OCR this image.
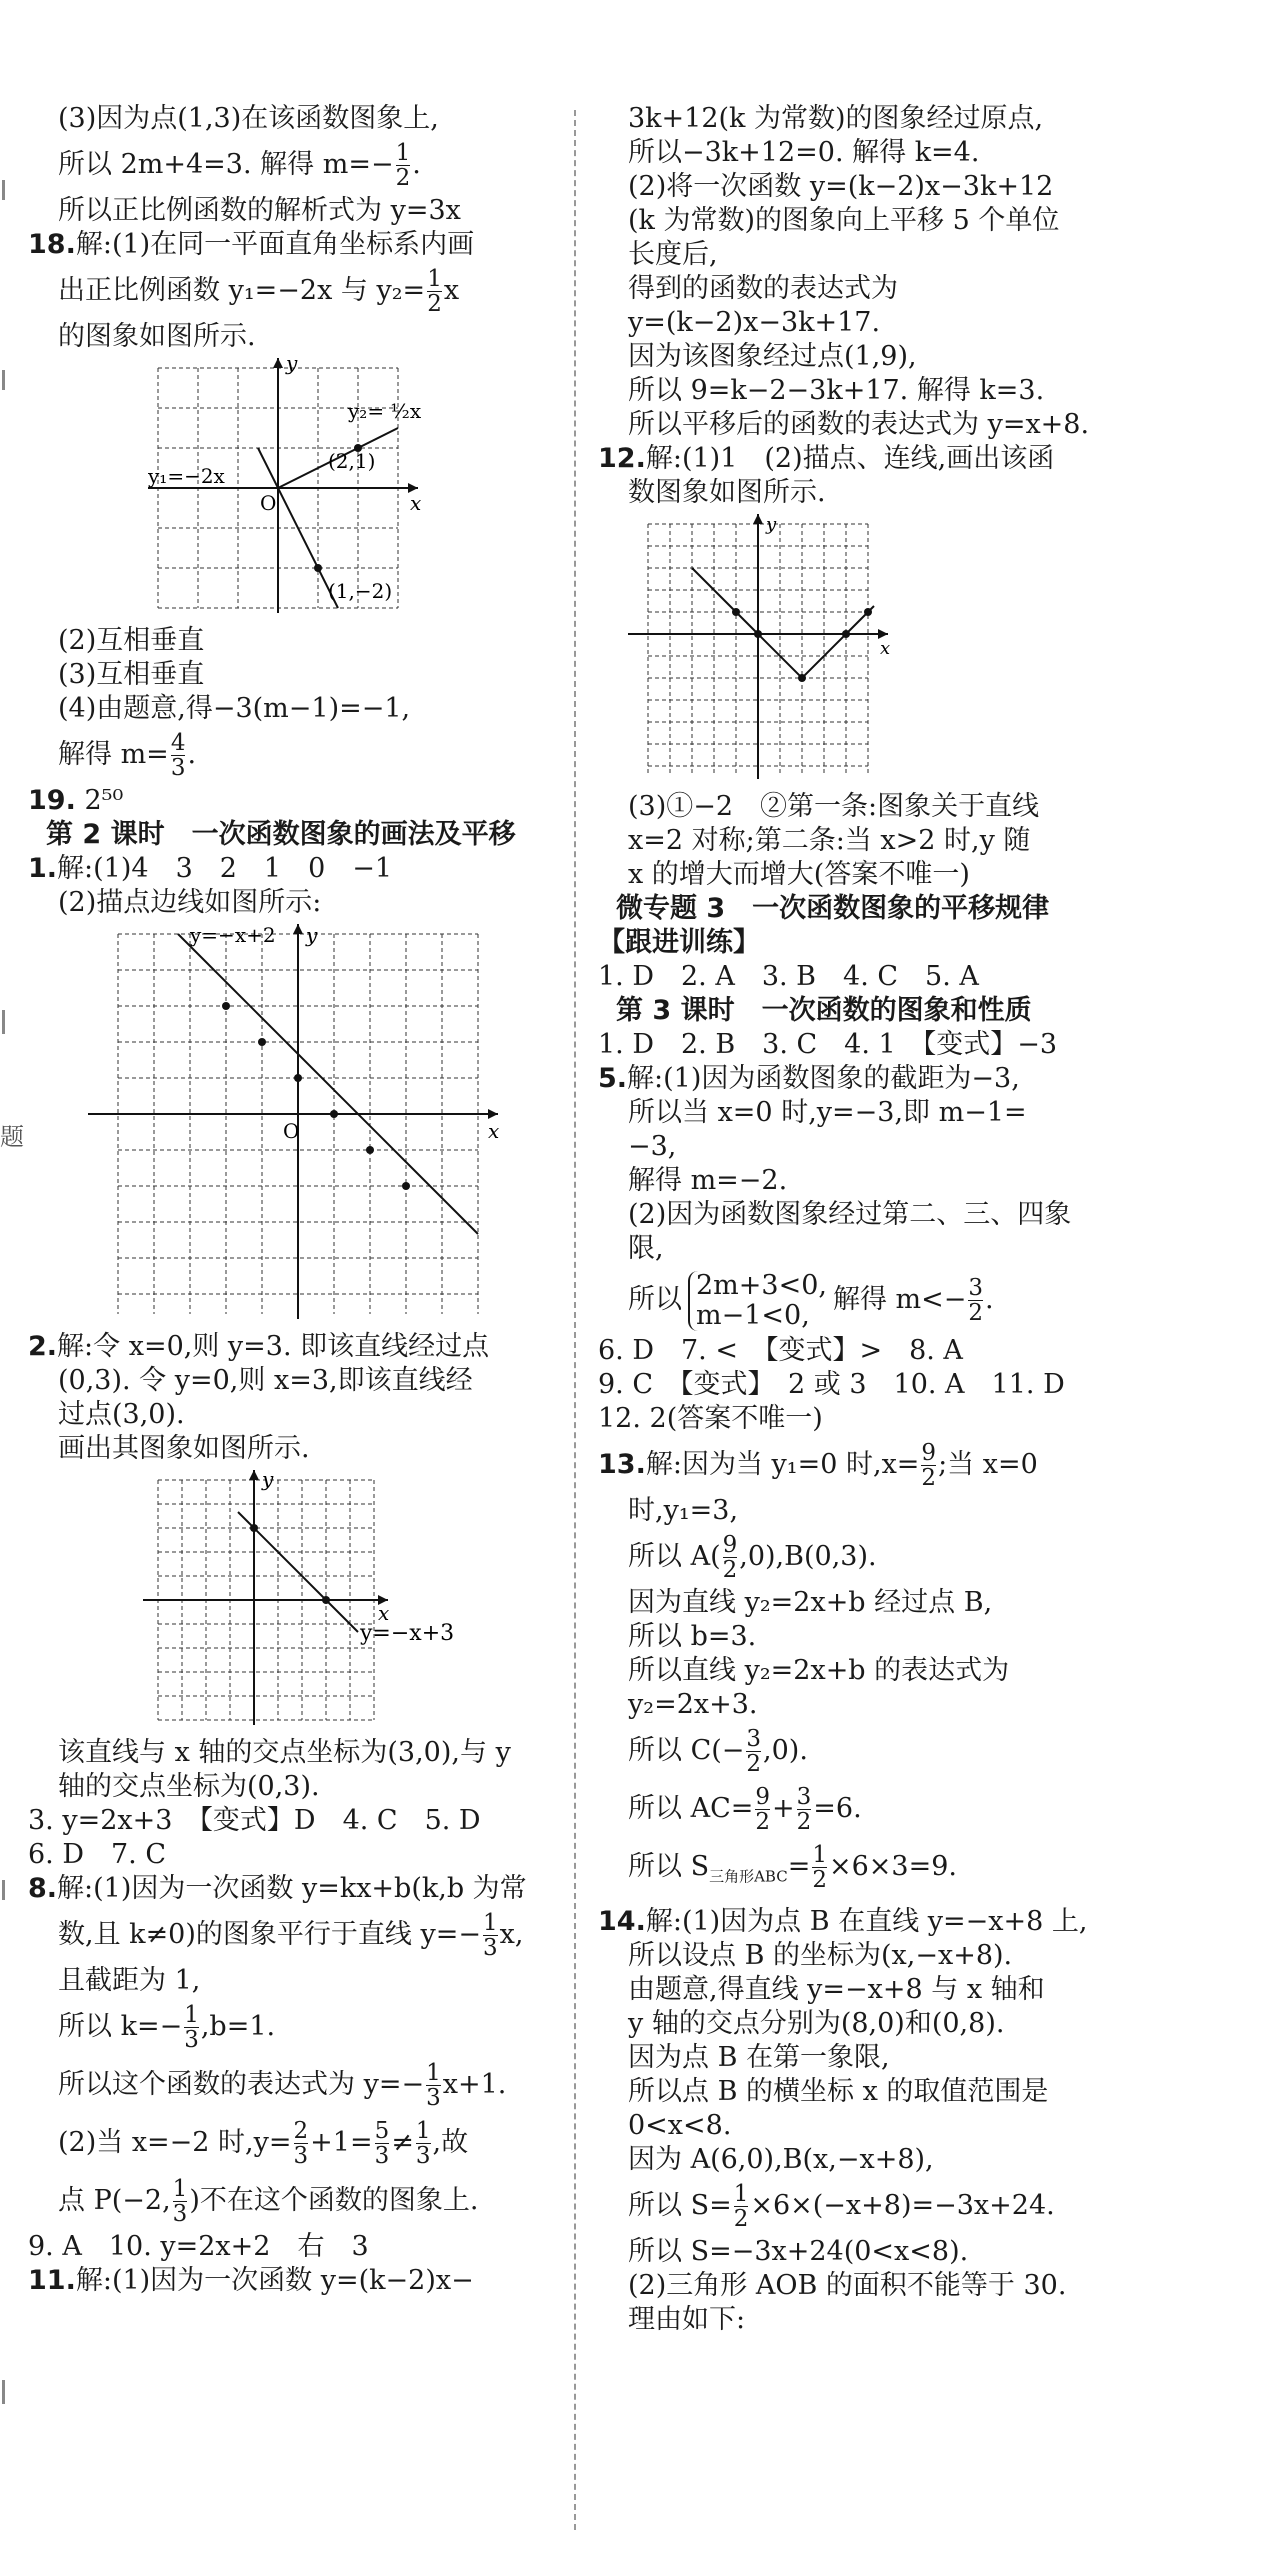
题
(3)因为点(1,3)在该函数图象上,
所以 2m+4=3. 解得 $m=- \frac{1}{2}$ .
所以正比例函数的解析式为 y=3x
18.解:(1)在同一平面直角坐标系内画
出正比例函数 y₁=−2x 与 $y_2= \frac{1}{2}$ x
的图象如图所示.
y
x
O
y₁=−2x
y₂= ½x
(2,1)
(1,−2)
(2)互相垂直
(3)互相垂直
(4)由题意,得−3(m−1)=−1,
解得 $m= \frac{4}{3}$ .
19. 2⁵⁰
第 2 课时　一次函数图象的画法及平移
1.解:(1)4　3　2　1　0　−1
(2)描点边线如图所示:
y=−x+2 y
x
O
2.解:令 x=0,则 y=3. 即该直线经过点
(0,3). 令 y=0,则 x=3,即该直线经
过点(3,0).
画出其图象如图所示.
y
x
y=−x+3
该直线与 x 轴的交点坐标为(3,0),与 y
轴的交点坐标为(0,3).
3. y=2x+3　【变式】D　4. C　5. D
6. D　7. C
8.解:(1)因为一次函数 y=kx+b(k,b 为常
数,且 k≠0)的图象平行于直线 $y=- \frac{1}{3} x$,
且截距为 1,
所以 $k=- \frac{1}{3} ,b=1$.
所以这个函数的表达式为 $y=- \frac{1}{3} x+1$.
(2)当 x=−2 时$,y= \frac{2}{3} +1= \frac{5}{3} \ne \frac{1}{3}$ ,故
点 P(−2, $\frac{1}{3}$ )不在这个函数的图象上.
9. A　10. y=2x+2　右　3
11.解:(1)因为一次函数 y=(k−2)x−
3k+12(k 为常数)的图象经过原点,
所以−3k+12=0. 解得 k=4.
(2)将一次函数 y=(k−2)x−3k+12
(k 为常数)的图象向上平移 5 个单位
长度后,
得到的函数的表达式为
y=(k−2)x−3k+17.
因为该图象经过点(1,9),
所以 9=k−2−3k+17. 解得 k=3.
所以平移后的函数的表达式为 y=x+8.
12.解:(1)1　(2)描点、连线,画出该函
数图象如图所示.
y
x
(3)①−2　②第一条:图象关于直线
x=2 对称;第二条:当 x>2 时,y 随
x 的增大而增大(答案不唯一)
微专题 3　一次函数图象的平移规律
【跟进训练】
1. D　2. A　3. B　4. C　5. A
第 3 课时　一次函数的图象和性质
1. D　2. B　3. C　4. 1　【变式】−3
5.解:(1)因为函数图象的截距为−3,
所以当 x=0 时,y=−3,即 m−1=
−3,
解得 m=−2.
(2)因为函数图象经过第二、三、四象
限,
所以 2m+3<0,
m−1<0, 解得 $m<- \frac{3}{2}$ .
6. D　7. <　【变式】>　8. A
9. C　【变式】　2 或 3　10. A　11. D
12. 2(答案不唯一)
13.解:因为当 y₁=0 时$,x= \frac{9}{2}$ ;当 x=0
时,y₁=3,
所以 $A( \frac{9}{2} ,0),B(0,3)$.
因为直线 y₂=2x+b 经过点 B,
所以 b=3.
所以直线 y₂=2x+b 的表达式为
y₂=2x+3.
所以 $C(- \frac{3}{2} ,0)$.
所以 $AC= \frac{9}{2} + \frac{3}{2} =6$.
所以 $S_{三角形ABC}= \frac{1}{2} \times 6\times 3=9$.
14.解:(1)因为点 B 在直线 y=−x+8 上,
所以设点 B 的坐标为(x,−x+8).
由题意,得直线 y=−x+8 与 x 轴和
y 轴的交点分别为(8,0)和(0,8).
因为点 B 在第一象限,
所以点 B 的横坐标 x 的取值范围是
0<x<8.
因为 A(6,0),B(x,−x+8),
所以 $S= \frac{1}{2} \times 6\times(-x+8)=-3x+24$.
所以 S=−3x+24(0<x<8).
(2)三角形 AOB 的面积不能等于 30.
理由如下:
